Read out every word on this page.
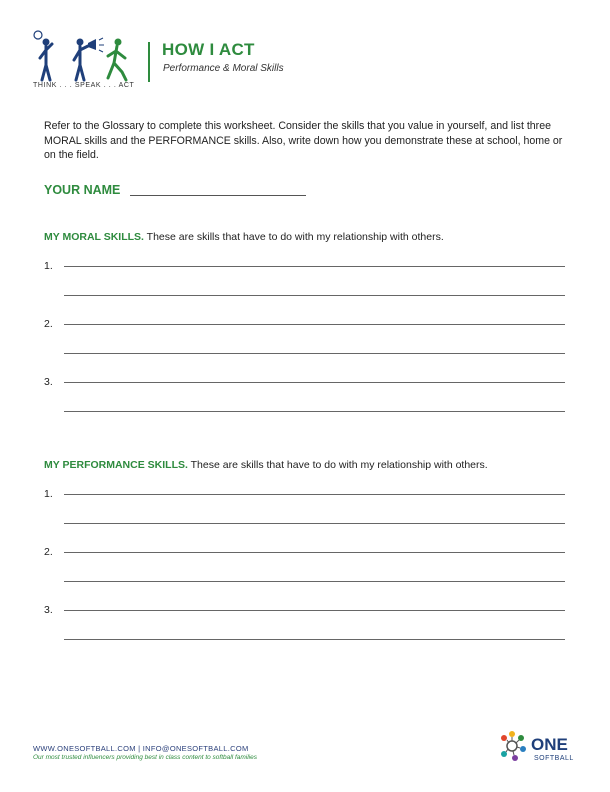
THINK . . . SPEAK . . . ACT
HOW I ACT
Performance & Moral Skills
Refer to the Glossary to complete this worksheet. Consider the skills that you value in yourself, and list three MORAL skills and the PERFORMANCE skills. Also, write down how you demonstrate these at school, home or on the field.
YOUR NAME
MY MORAL SKILLS. These are skills that have to do with my relationship with others.
1.
2.
3.
MY PERFORMANCE SKILLS. These are skills that have to do with my relationship with others.
1.
2.
3.
WWW.ONESOFTBALL.COM | INFO@ONESOFTBALL.COM
Our most trusted influencers providing best in class content to softball families
ONE
SOFTBALL
